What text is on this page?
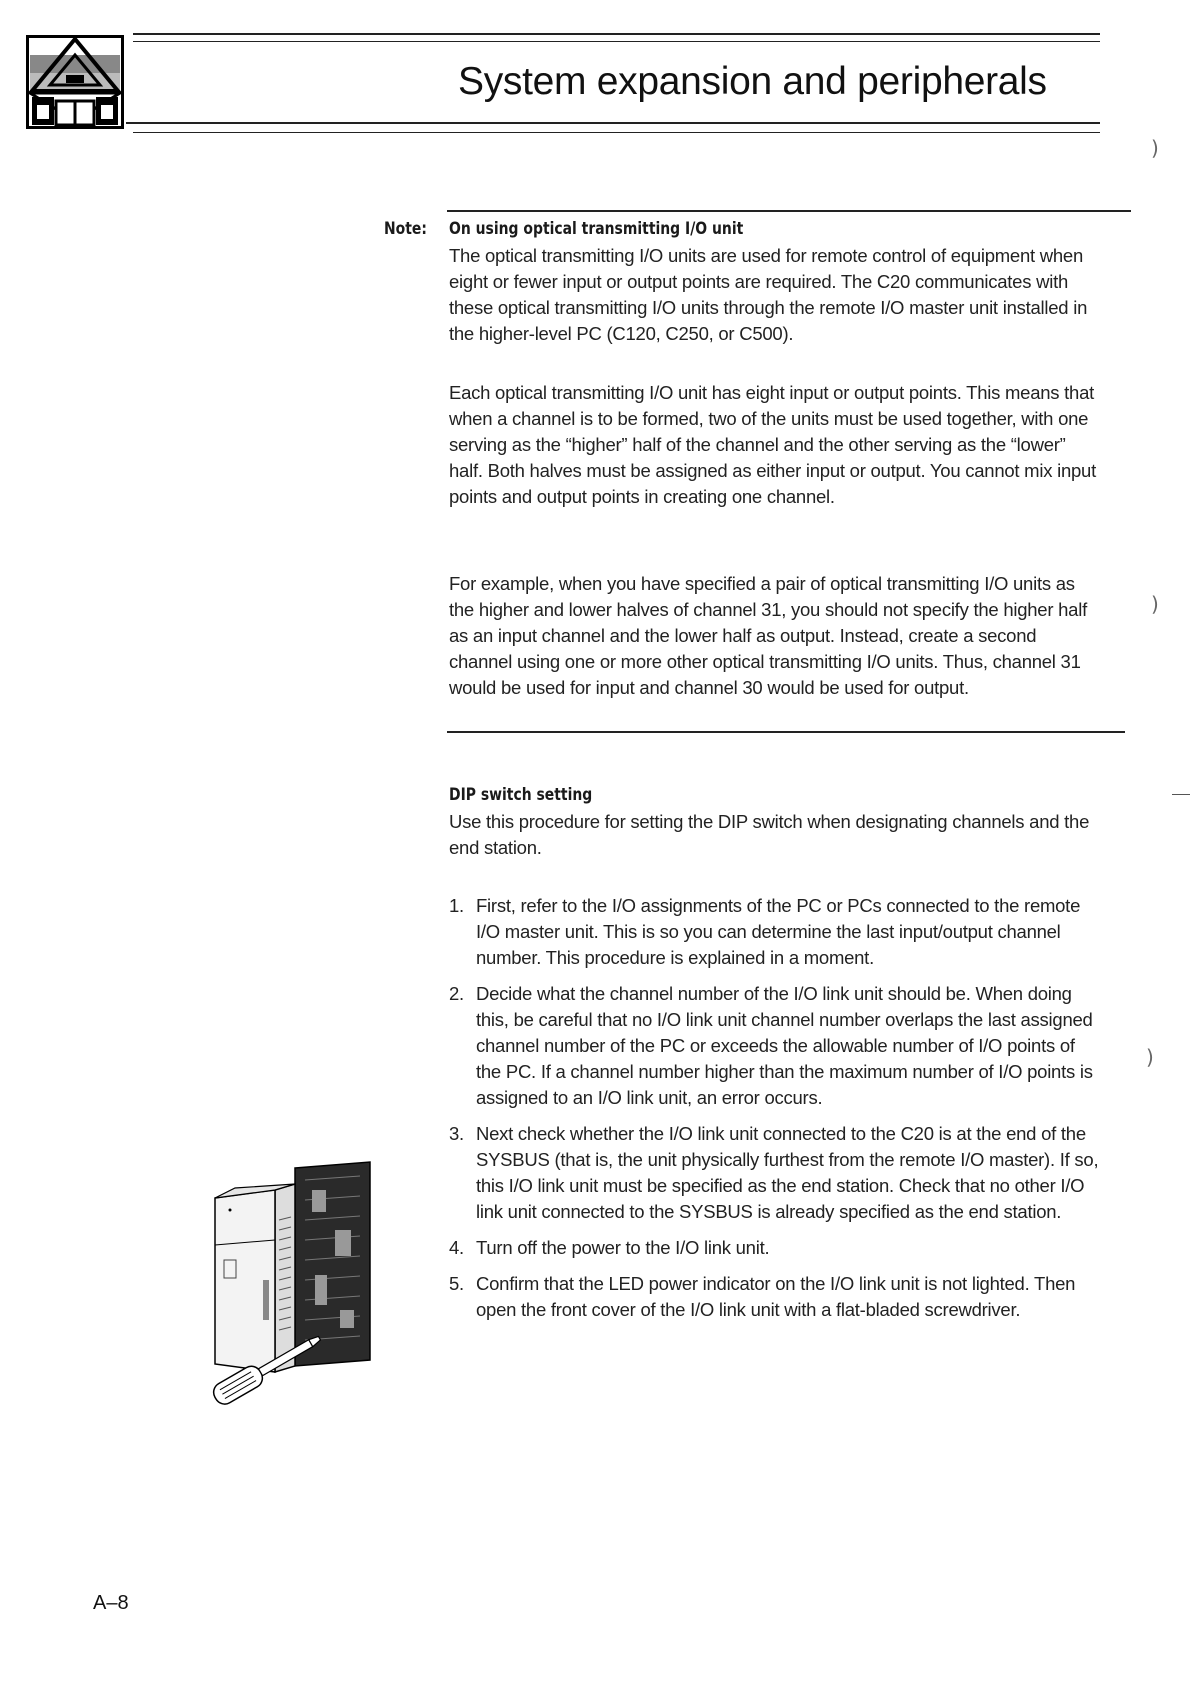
System expansion and peripherals
Note: On using optical transmitting I/O unit

The optical transmitting I/O units are used for remote control of equipment when eight or fewer input or output points are required. The C20 communicates with these optical transmitting I/O units through the remote I/O master unit installed in the higher-level PC (C120, C250, or C500).

Each optical transmitting I/O unit has eight input or output points. This means that when a channel is to be formed, two of the units must be used together, with one serving as the “higher” half of the channel and the other serving as the “lower” half. Both halves must be assigned as either input or output. You cannot mix input points and output points in creating one channel.

For example, when you have specified a pair of optical transmitting I/O units as the higher and lower halves of channel 31, you should not specify the higher half as an input channel and the lower half as output. Instead, create a second channel using one or more other optical transmitting I/O units. Thus, channel 31 would be used for input and channel 30 would be used for output.

DIP switch setting

Use this procedure for setting the DIP switch when designating channels and the end station.

1. First, refer to the I/O assignments of the PC or PCs connected to the remote I/O master unit. This is so you can determine the last input/output channel number. This procedure is explained in a moment.
2. Decide what the channel number of the I/O link unit should be. When doing this, be careful that no I/O link unit channel number overlaps the last assigned channel number of the PC or exceeds the allowable number of I/O points of the PC. If a channel number higher than the maximum number of I/O points is assigned to an I/O link unit, an error occurs.
3. Next check whether the I/O link unit connected to the C20 is at the end of the SYSBUS (that is, the unit physically furthest from the remote I/O master). If so, this I/O link unit must be specified as the end station. Check that no other I/O link unit connected to the SYSBUS is already specified as the end station.
4. Turn off the power to the I/O link unit.
5. Confirm that the LED power indicator on the I/O link unit is not lighted. Then open the front cover of the I/O link unit with a flat-bladed screwdriver.
)
)
)
A–8
